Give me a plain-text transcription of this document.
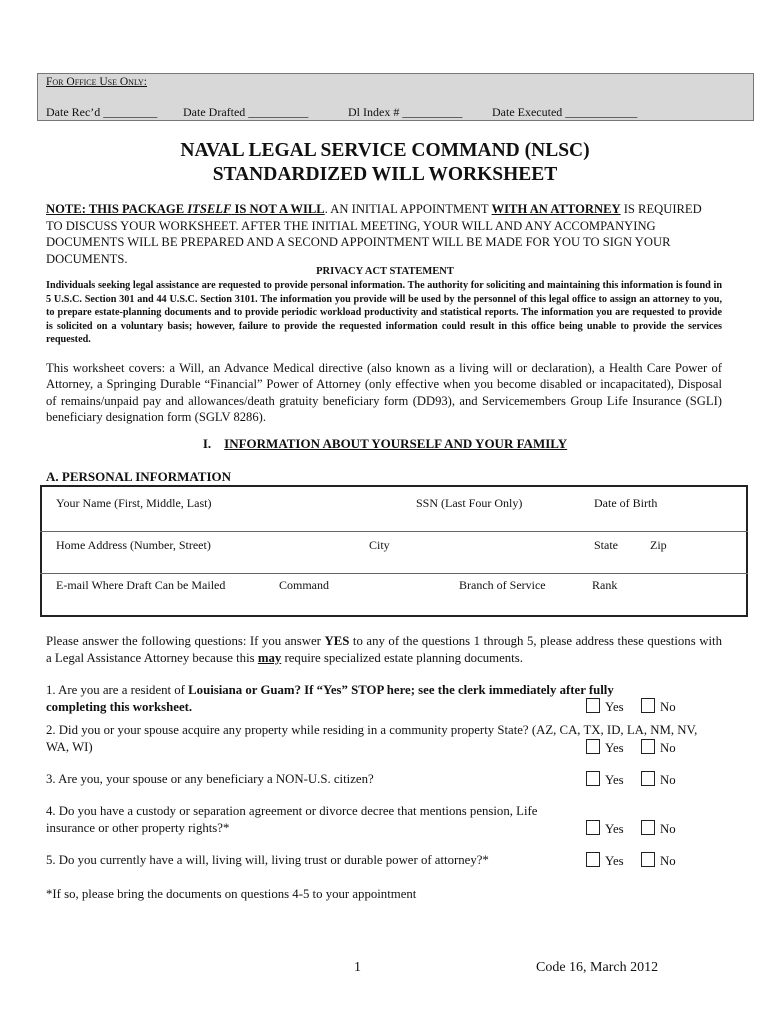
For Office Use Only:
Date Rec’d _________ Date Drafted __________	Dl Index # __________ Date Executed ____________
NAVAL LEGAL SERVICE COMMAND (NLSC)
STANDARDIZED WILL WORKSHEET
NOTE: THIS PACKAGE ITSELF IS NOT A WILL. AN INITIAL APPOINTMENT WITH AN ATTORNEY IS REQUIRED TO DISCUSS YOUR WORKSHEET. AFTER THE INITIAL MEETING, YOUR WILL AND ANY ACCOMPANYING DOCUMENTS WILL BE PREPARED AND A SECOND APPOINTMENT WILL BE MADE FOR YOU TO SIGN YOUR DOCUMENTS.
PRIVACY ACT STATEMENT
Individuals seeking legal assistance are requested to provide personal information. The authority for soliciting and maintaining this information is found in 5 U.S.C. Section 301 and 44 U.S.C. Section 3101. The information you provide will be used by the personnel of this legal office to assign an attorney to you, to prepare estate-planning documents and to provide periodic workload productivity and statistical reports. The information you are requested to provide is solicited on a voluntary basis; however, failure to provide the requested information could result in this office being unable to provide the services requested.
This worksheet covers: a Will, an Advance Medical directive (also known as a living will or declaration), a Health Care Power of Attorney, a Springing Durable “Financial” Power of Attorney (only effective when you become disabled or incapacitated), Disposal of remains/unpaid pay and allowances/death gratuity beneficiary form (DD93), and Servicemembers Group Life Insurance (SGLI) beneficiary designation form (SGLV 8286).
I. INFORMATION ABOUT YOURSELF AND YOUR FAMILY
A. PERSONAL INFORMATION
Your Name (First, Middle, Last)	SSN (Last Four Only)	Date of Birth
Home Address (Number, Street)	City	State	Zip
E-mail Where Draft Can be Mailed	Command	Branch of Service	Rank
Please answer the following questions: If you answer YES to any of the questions 1 through 5, please address these questions with a Legal Assistance Attorney because this may require specialized estate planning documents.
1. Are you are a resident of Louisiana or Guam? If “Yes” STOP here; see the clerk immediately after fully completing this worksheet.	Yes	No
2. Did you or your spouse acquire any property while residing in a community property State? (AZ, CA, TX, ID, LA, NM, NV, WA, WI)	Yes	No
3. Are you, your spouse or any beneficiary a NON-U.S. citizen?	Yes	No
4. Do you have a custody or separation agreement or divorce decree that mentions pension, Life insurance or other property rights?*	Yes	No
5. Do you currently have a will, living will, living trust or durable power of attorney?*	Yes	No
*If so, please bring the documents on questions 4-5 to your appointment
1	Code 16, March 2012
